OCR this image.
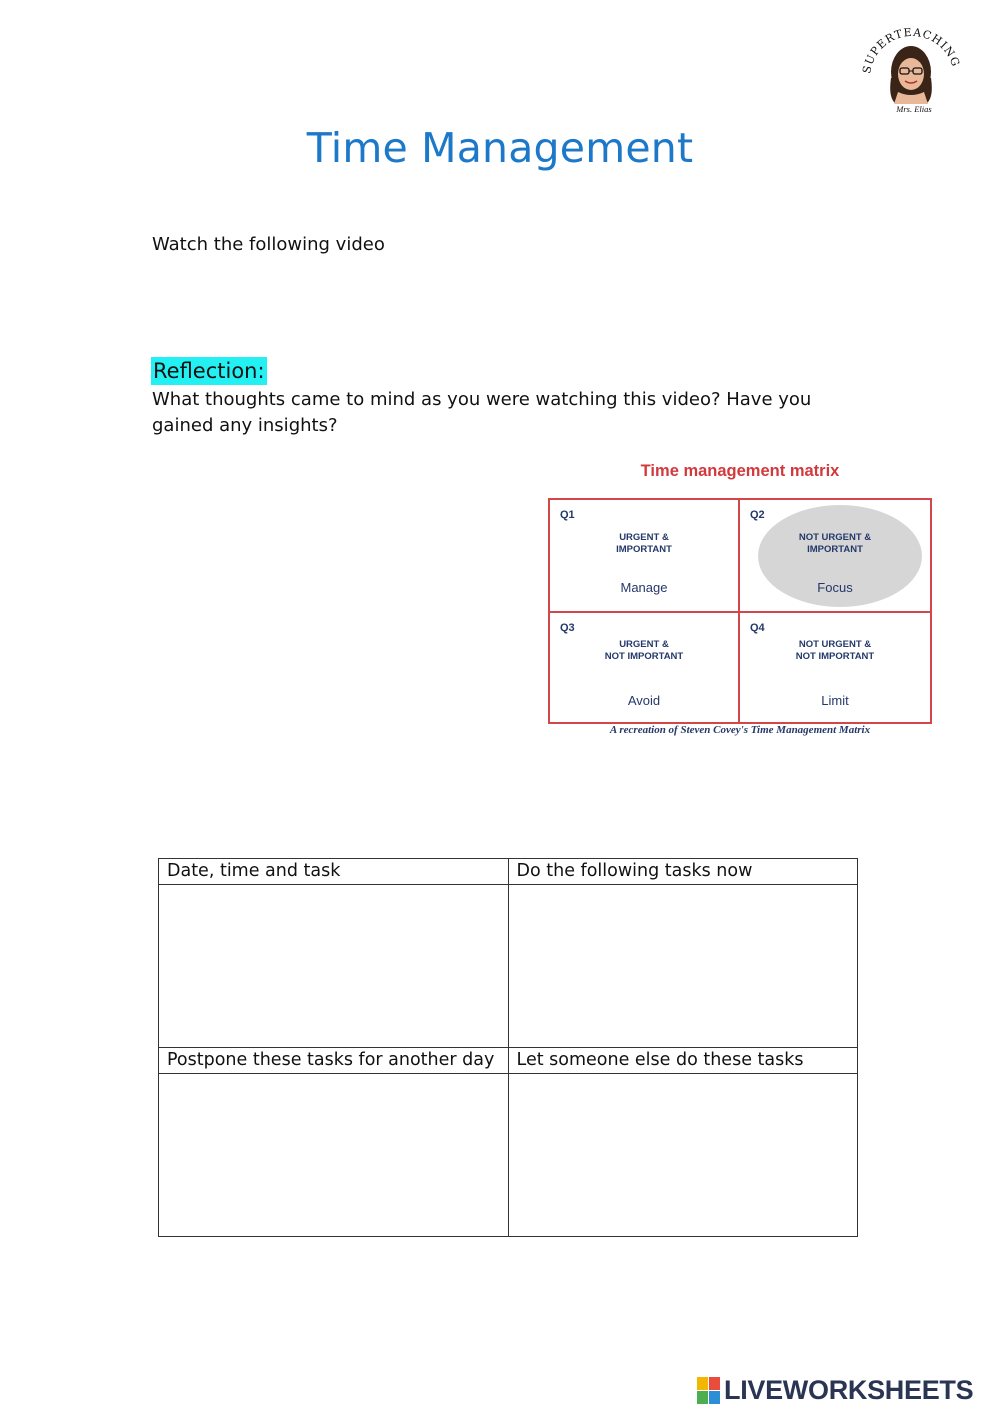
SUPERTEACHING
Mrs. Elias
Time Management
Watch the following video
Reflection:
What thoughts came to mind as you were watching this video? Have you gained any insights?
Time management matrix
Q1
URGENT &
IMPORTANT
Manage
Q2
NOT URGENT &
IMPORTANT
Focus
Q3
URGENT &
NOT IMPORTANT
Avoid
Q4
NOT URGENT &
NOT IMPORTANT
Limit
A recreation of Steven Covey's Time Management Matrix
Date, time and task	Do the following tasks now

Postpone these tasks for another day	Let someone else do these tasks

LIVEWORKSHEETS
